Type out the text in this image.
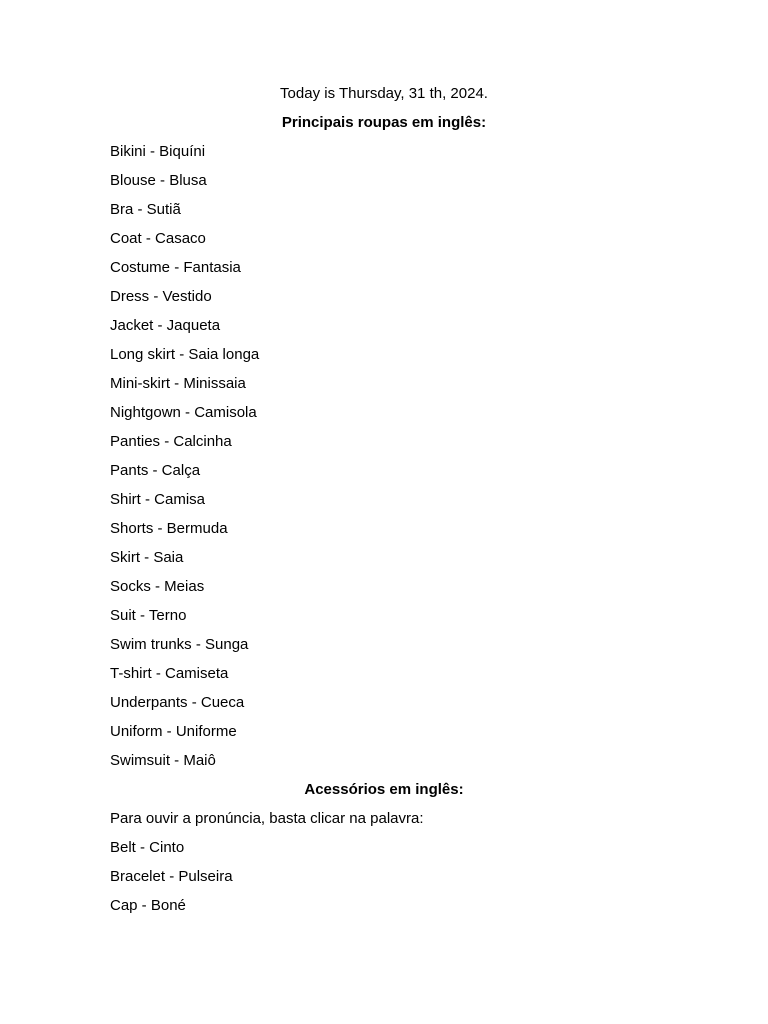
Today is Thursday, 31 th, 2024.
Principais roupas em inglês:
Bikini - Biquíni
Blouse - Blusa
Bra - Sutiã
Coat - Casaco
Costume - Fantasia
Dress - Vestido
Jacket - Jaqueta
Long skirt - Saia longa
Mini-skirt - Minissaia
Nightgown - Camisola
Panties - Calcinha
Pants - Calça
Shirt - Camisa
Shorts - Bermuda
Skirt - Saia
Socks - Meias
Suit - Terno
Swim trunks - Sunga
T-shirt - Camiseta
Underpants - Cueca
Uniform - Uniforme
Swimsuit - Maiô
Acessórios em inglês:
Para ouvir a pronúncia, basta clicar na palavra:
Belt - Cinto
Bracelet - Pulseira
Cap - Boné
